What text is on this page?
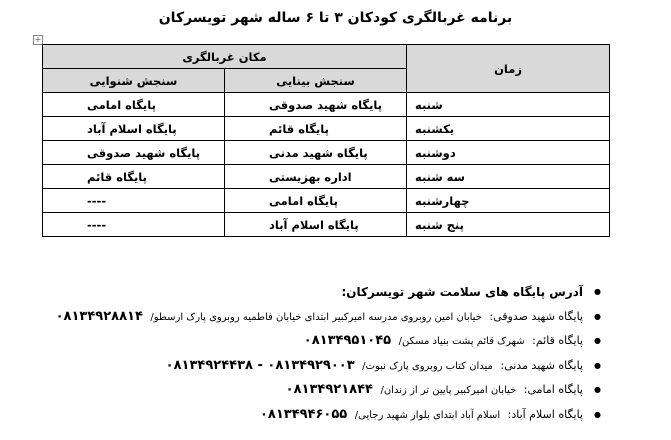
برنامه غربالگری کودکان ۳ تا ۶ ساله شهر تویسرکان
+
زمان	مکان غربالگری	
	سنجش بینایی	سنجش شنوایی
شنبه	پایگاه شهید صدوقی	پایگاه امامی
یکشنبه	پایگاه قائم	پایگاه اسلام آباد
دوشنبه	پایگاه شهید مدنی	پایگاه شهید صدوقی
سه شنبه	اداره بهزیستی	پایگاه قائم
چهارشنبه	پایگاه امامی	----
پنج شنبه	پایگاه اسلام آباد	----
● آدرس پایگاه های سلامت شهر تویسرکان:
● پایگاه شهید صدوقی: خیابان امین روبروی مدرسه امیرکبیر ابتدای خیابان فاطمیه روبروی پارک ارسطو/ ۰۸۱۳۴۹۲۸۸۱۴
● پایگاه قائم: شهرک قائم پشت بنیاد مسکن/ ۰۸۱۳۴۹۵۱۰۴۵
● پایگاه شهید مدنی: میدان کتاب روبروی پارک نبوت/ ۰۸۱۳۴۹۲۹۰۰۳ - ۰۸۱۳۴۹۲۴۴۳۸
● پایگاه امامی: خیابان امیرکبیر پایین تر از زندان/ ۰۸۱۳۴۹۲۱۸۴۴
● پایگاه اسلام آباد: اسلام آباد ابتدای بلوار شهید رجایی/ ۰۸۱۳۴۹۴۶۰۵۵
